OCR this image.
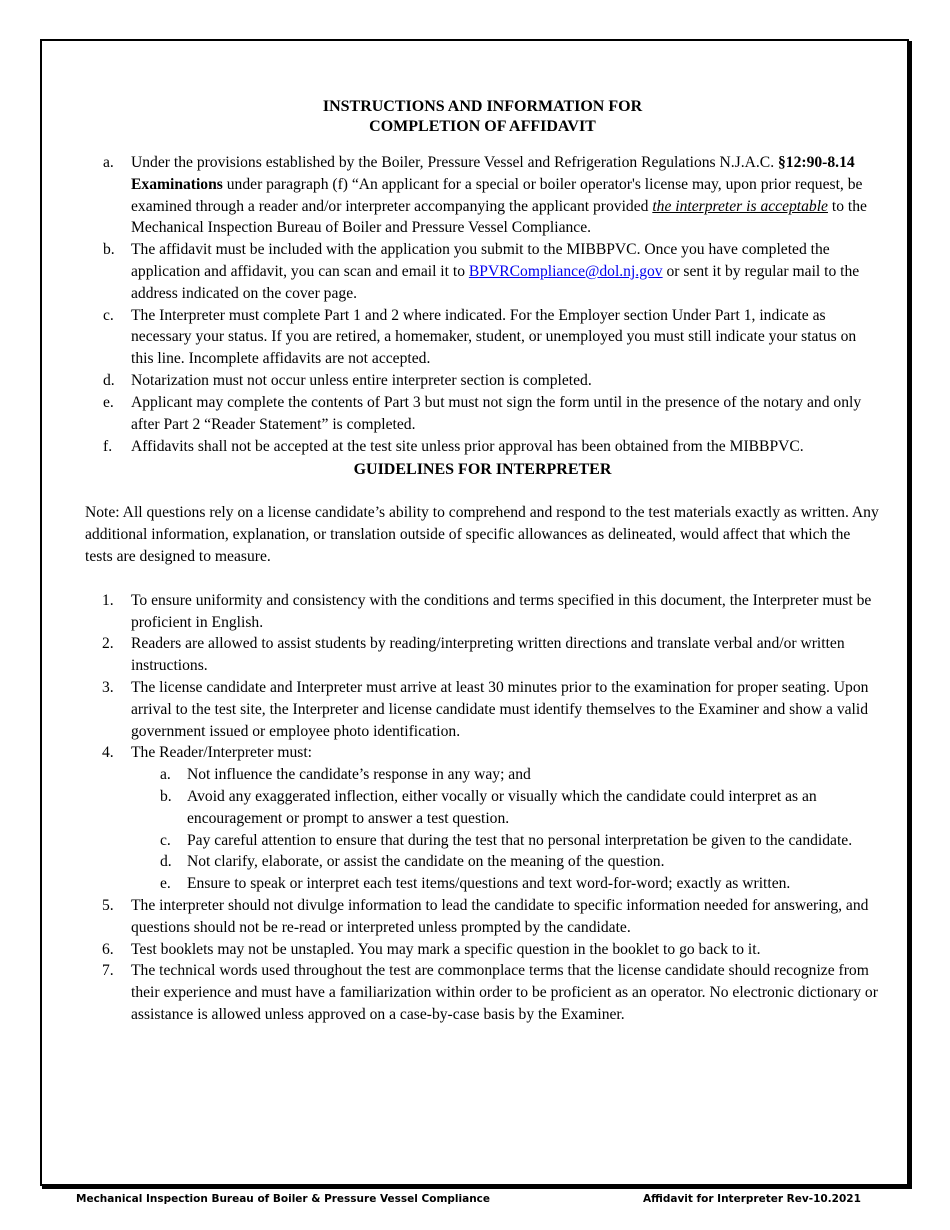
INSTRUCTIONS AND INFORMATION FOR
COMPLETION OF AFFIDAVIT
a. Under the provisions established by the Boiler, Pressure Vessel and Refrigeration Regulations N.J.A.C. §12:90-8.14 Examinations under paragraph (f) “An applicant for a special or boiler operator's license may, upon prior request, be examined through a reader and/or interpreter accompanying the applicant provided the interpreter is acceptable to the Mechanical Inspection Bureau of Boiler and Pressure Vessel Compliance.
b. The affidavit must be included with the application you submit to the MIBBPVC. Once you have completed the application and affidavit, you can scan and email it to BPVRCompliance@dol.nj.gov or sent it by regular mail to the address indicated on the cover page.
c. The Interpreter must complete Part 1 and 2 where indicated. For the Employer section Under Part 1, indicate as necessary your status. If you are retired, a homemaker, student, or unemployed you must still indicate your status on this line. Incomplete affidavits are not accepted.
d. Notarization must not occur unless entire interpreter section is completed.
e. Applicant may complete the contents of Part 3 but must not sign the form until in the presence of the notary and only after Part 2 “Reader Statement” is completed.
f. Affidavits shall not be accepted at the test site unless prior approval has been obtained from the MIBBPVC.
GUIDELINES FOR INTERPRETER
Note: All questions rely on a license candidate’s ability to comprehend and respond to the test materials exactly as written. Any additional information, explanation, or translation outside of specific allowances as delineated, would affect that which the tests are designed to measure.
1. To ensure uniformity and consistency with the conditions and terms specified in this document, the Interpreter must be proficient in English.
2. Readers are allowed to assist students by reading/interpreting written directions and translate verbal and/or written instructions.
3. The license candidate and Interpreter must arrive at least 30 minutes prior to the examination for proper seating. Upon arrival to the test site, the Interpreter and license candidate must identify themselves to the Examiner and show a valid government issued or employee photo identification.
4. The Reader/Interpreter must:
a. Not influence the candidate’s response in any way; and
b. Avoid any exaggerated inflection, either vocally or visually which the candidate could interpret as an encouragement or prompt to answer a test question.
c. Pay careful attention to ensure that during the test that no personal interpretation be given to the candidate.
d. Not clarify, elaborate, or assist the candidate on the meaning of the question.
e. Ensure to speak or interpret each test items/questions and text word-for-word; exactly as written.
5. The interpreter should not divulge information to lead the candidate to specific information needed for answering, and questions should not be re-read or interpreted unless prompted by the candidate.
6. Test booklets may not be unstapled. You may mark a specific question in the booklet to go back to it.
7. The technical words used throughout the test are commonplace terms that the license candidate should recognize from their experience and must have a familiarization within order to be proficient as an operator. No electronic dictionary or assistance is allowed unless approved on a case-by-case basis by the Examiner.
Mechanical Inspection Bureau of Boiler & Pressure Vessel Compliance	Affidavit for Interpreter Rev-10.2021
